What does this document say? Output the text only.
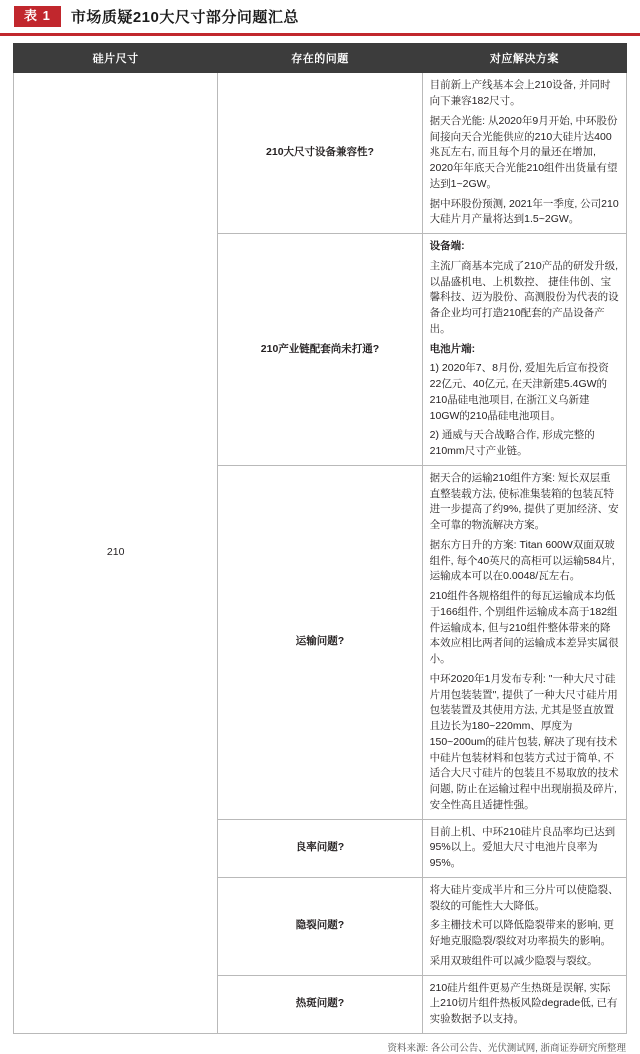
表 1	市场质疑210大尺寸部分问题汇总
硅片尺寸	存在的问题	对应解决方案
210	210大尺寸设备兼容性?	目前新上产线基本会上210设备, 并同时向下兼容182尺寸。

据天合光能: 从2020年9月开始, 中环股份间接向天合光能供应的210大硅片达400兆瓦左右, 而且每个月的量还在增加, 2020年年底天合光能210组件出货量有望达到1~2GW。

据中环股份预测, 2021年一季度, 公司210大硅片月产量将达到1.5~2GW。

	210产业链配套尚未打通?	设备端:

主流厂商基本完成了210产品的研发升级, 以晶盛机电、上机数控、 捷佳伟创、宝馨科技、迈为股份、高测股份为代表的设备企业均可打造210配套的产品设备产出。

电池片端:

1) 2020年7、8月份, 爱旭先后宣布投资22亿元、40亿元, 在天津新建5.4GW的210晶硅电池项目, 在浙江义乌新建10GW的210晶硅电池项目。

2) 通威与天合战略合作, 形成完整的210mm尺寸产业链。

	运输问题?	据天合的运输210组件方案: 短长双层重直整装载方法, 使标准集装箱的包装瓦特进一步提高了约9%, 提供了更加经济、安全可靠的物流解决方案。

据东方日升的方案: Titan 600W双面双玻组件, 每个40英尺的高柜可以运输584片, 运输成本可以在0.0048/瓦左右。

210组件各规格组件的每瓦运输成本均低于166组件, 个别组件运输成本高于182组件运输成本, 但与210组件整体带来的降本效应相比两者间的运输成本差异实属很小。

中环2020年1月发布专利: "一种大尺寸硅片用包装装置", 提供了一种大尺寸硅片用包装装置及其使用方法, 尤其是竖直放置且边长为180~220mm、厚度为150~200um的硅片包装, 解决了现有技术中硅片包装材料和包装方式过于简单, 不适合大尺寸硅片的包装且不易取放的技术问题, 防止在运输过程中出现崩损及碎片, 安全性高且适捷性强。

	良率问题?	目前上机、中环210硅片良品率均已达到95%以上。爱旭大尺寸电池片良率为95%。

	隐裂问题?	将大硅片变成半片和三分片可以使隐裂、裂纹的可能性大大降低。

多主栅技术可以降低隐裂带来的影响, 更好地克服隐裂/裂纹对功率损失的影响。

采用双玻组件可以减少隐裂与裂纹。

	热斑问题?	210硅片组件更易产生热斑是误解, 实际上210切片组件热板风险degrade低, 已有实验数据予以支持。

资料来源: 各公司公告、光伏测试网, 浙商证券研究所整理
